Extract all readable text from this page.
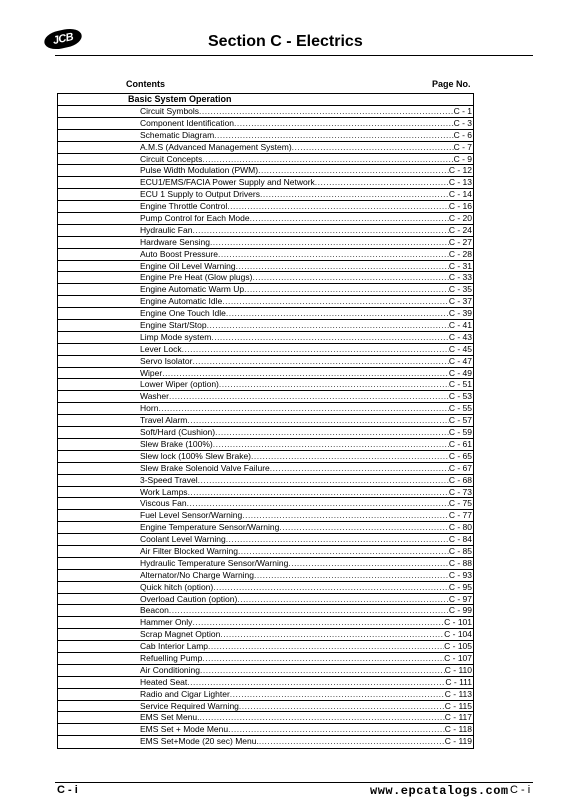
JCB	Section C - Electrics
Contents	Page No.
Basic System Operation
Circuit Symbols .....	C - 1
Component Identification .....	C - 3
Schematic Diagram .....	C - 6
A.M.S (Advanced Management System) .....	C - 7
Circuit Concepts .....	C - 9
Pulse Width Modulation (PWM) .....	C - 12
ECU1/EMS/FACIA Power Supply and Network .....	C - 13
ECU 1 Supply to Output Drivers .....	C - 14
Engine Throttle Control .....	C - 16
Pump Control for Each Mode .....	C - 20
Hydraulic Fan .....	C - 24
Hardware Sensing .....	C - 27
Auto Boost Pressure .....	C - 28
Engine Oil Level Warning .....	C - 31
Engine Pre Heat (Glow plugs) .....	C - 33
Engine Automatic Warm Up .....	C - 35
Engine Automatic Idle .....	C - 37
Engine One Touch Idle .....	C - 39
Engine Start/Stop .....	C - 41
Limp Mode system .....	C - 43
Lever Lock .....	C - 45
Servo Isolator .....	C - 47
Wiper .....	C - 49
Lower Wiper (option) .....	C - 51
Washer .....	C - 53
Horn .....	C - 55
Travel Alarm .....	C - 57
Soft/Hard (Cushion) .....	C - 59
Slew Brake (100%) .....	C - 61
Slew lock (100% Slew Brake) .....	C - 65
Slew Brake Solenoid Valve Failure .....	C - 67
3-Speed Travel .....	C - 68
Work Lamps .....	C - 73
Viscous Fan .....	C - 75
Fuel Level Sensor/Warning .....	C - 77
Engine Temperature Sensor/Warning .....	C - 80
Coolant Level Warning .....	C - 84
Air Filter Blocked Warning .....	C - 85
Hydraulic Temperature Sensor/Warning .....	C - 88
Alternator/No Charge Warning .....	C - 93
Quick hitch (option) .....	C - 95
Overload Caution (option) .....	C - 97
Beacon .....	C - 99
Hammer Only .....	C - 101
Scrap Magnet Option .....	C - 104
Cab Interior Lamp .....	C - 105
Refuelling Pump .....	C - 107
Air Conditioning .....	C - 110
Heated Seat .....	C - 111
Radio and Cigar Lighter .....	C - 113
Service Required Warning .....	C - 115
EMS Set Menu. .....	C - 117
EMS Set + Mode Menu .....	C - 118
EMS Set+Mode (20 sec) Menu. .....	C - 119
C - i	C - i
www.epcatalogs.com
